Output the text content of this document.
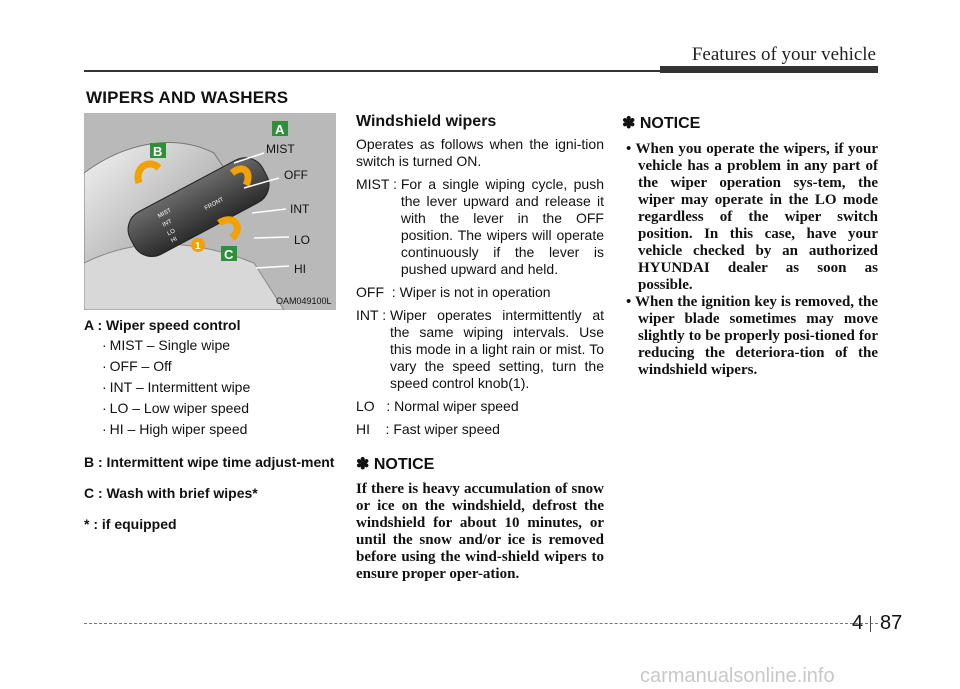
Features of your vehicle
WIPERS AND WASHERS
MIST
INT
LO
HI
FRONT
A
B
C
1
MIST
OFF
INT
LO
HI
OAM049100L
A : Wiper speed control
· MIST – Single wipe
· OFF – Off
· INT – Intermittent wipe
· LO – Low wiper speed
· HI – High wiper speed
B : Intermittent wipe time adjust-ment
C : Wash with brief wipes*
* : if equipped
Windshield wipers

Operates as follows when the igni-tion switch is turned ON.

MIST : For a single wiping cycle, push the lever upward and release it with the lever in the OFF position. The wipers will operate continuously if the lever is pushed upward and held.
OFF  : Wiper is not in operation
INT : Wiper operates intermittently at the same wiping intervals. Use this mode in a light rain or mist. To vary the speed setting, turn the speed control knob(1).
LO   : Normal wiper speed
HI    : Fast wiper speed
✽ NOTICE

If there is heavy accumulation of snow or ice on the windshield, defrost the windshield for about 10 minutes, or until the snow and/or ice is removed before using the wind-shield wipers to ensure proper oper-ation.

✽ NOTICE

• When you operate the wipers, if your vehicle has a problem in any part of the wiper operation sys-tem, the wiper may operate in the LO mode regardless of the wiper switch position. In this case, have your vehicle checked by an authorized HYUNDAI dealer as soon as possible.

• When the ignition key is removed, the wiper blade sometimes may move slightly to be properly posi-tioned for reducing the deteriora-tion of the windshield wipers.

4 87
carmanualsonline.info
